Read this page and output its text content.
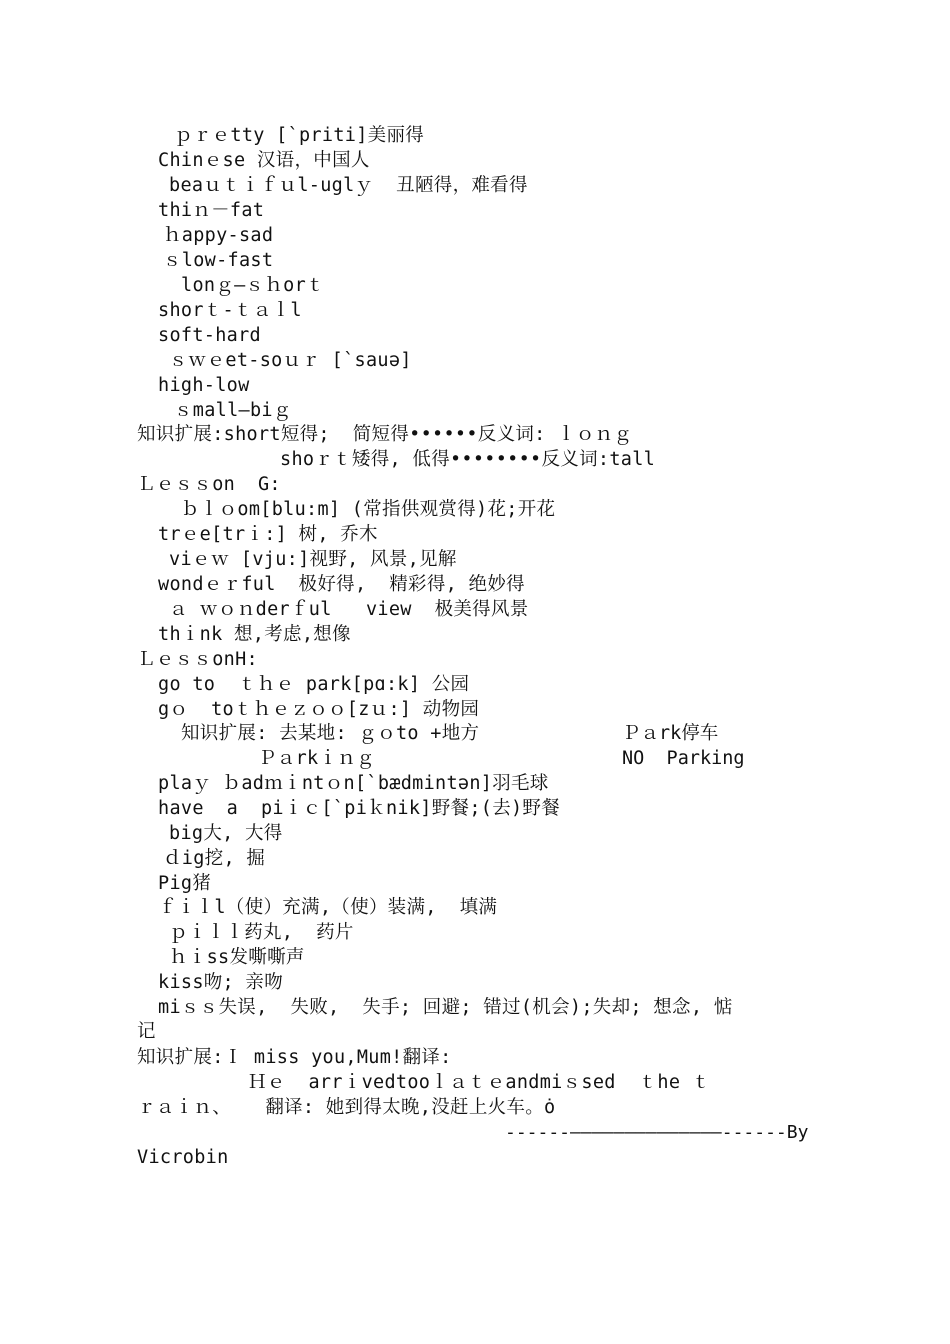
ｐｒｅtty [`priti]美丽得
Chinｅse 汉语，中国人
beaｕｔｉｆｕl-uglｙ  丑陋得，难看得
thiｎ－fat
ｈappy-sad
ｓlow-fast
lonｇ—ｓｈorｔ
shorｔ-ｔａｌl
soft-hard
ｓｗｅet-soｕｒ [`sauə]
high-low
ｓmall—biｇ
知识扩展:short短得;  简短得••••••反义词: ｌｏｎｇ
shoｒｔ矮得, 低得••••••••反义词:tall
Ｌｅｓｓon  G:
ｂｌｏom[blu:m] (常指供观赏得)花;开花
trｅe[trｉ:] 树, 乔木
viｅｗ [vju:]视野, 风景,见解
wondｅｒful  极好得,  精彩得, 绝妙得
ａ ｗｏｎderｆul   view  极美得风景
thｉnk 想,考虑,想像
ＬｅｓｓonH:
go to  ｔｈｅ park[pɑ:k] 公园
gｏ  toｔｈｅｚｏｏ[zｕ:] 动物园
知识扩展: 去某地: ｇｏto +地方	Ｐａrk停车
Ｐａrkｉｎｇ	NO  Parking
plaｙ ｂadｍｉntｏn[`bædmintən]羽毛球
have  a  piｉｃ[`piｋnik]野餐;(去)野餐
big大, 大得
ｄig挖, 掘
Pig猪
ｆｉｌl（使）充满,（使）装满,  填满
ｐｉｌｌ药丸,  药片
ｈｉss发嘶嘶声
kiss吻; 亲吻
miｓｓ失误,  失败,  失手; 回避; 错过(机会);失却; 想念, 惦
记
知识扩展:Ｉ miss you,Mum!翻译:
Ｈｅ  arrｉvedtooｌａｔｅandmiｓsed  ｔhe ｔ
ｒａｉｎ、   翻译: 她到得太晚,没赶上火车。ȯ
------——————————————------By
Vicrobin
